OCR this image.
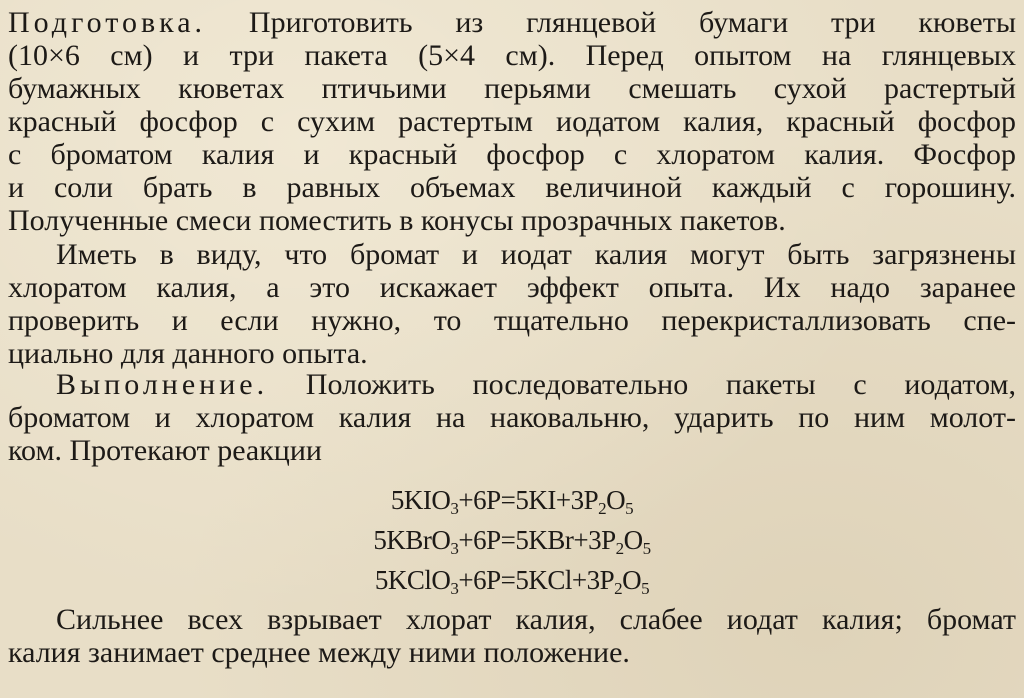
Подготовка. Приготовить из глянцевой бумаги три кюветы
(10×6 см) и три пакета (5×4 см). Перед опытом на глянцевых
бумажных кюветах птичьими перьями смешать сухой растертый
красный фосфор с сухим растертым иодатом калия, красный фосфор
с броматом калия и красный фосфор с хлоратом калия. Фосфор
и соли брать в равных объемах величиной каждый с горошину.
Полученные смеси поместить в конусы прозрачных пакетов.
Иметь в виду, что бромат и иодат калия могут быть загрязнены
хлоратом калия, а это искажает эффект опыта. Их надо заранее
проверить и если нужно, то тщательно перекристаллизовать спе-
циально для данного опыта.
Выполнение. Положить последовательно пакеты с иодатом,
броматом и хлоратом калия на наковальню, ударить по ним молот-
ком. Протекают реакции
$5KIO_3+6P=5KI+3P_2O_5$
$5KBrO_3+6P=5KBr+3P_2O_5$
$5KClO_3+6P=5KCl+3P_2O_5$
Сильнее всех взрывает хлорат калия, слабее иодат калия; бромат
калия занимает среднее между ними положение.
